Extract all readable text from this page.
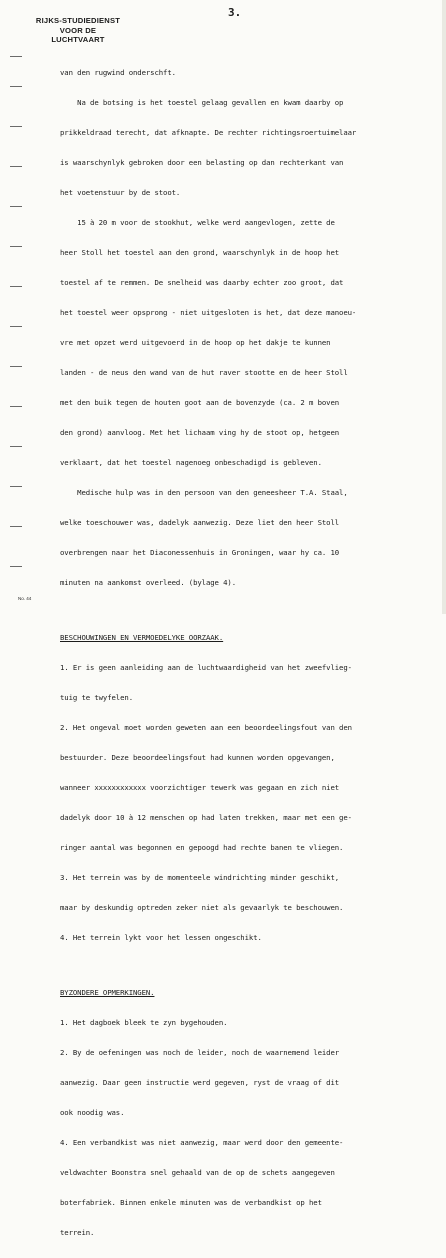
RIJKS-STUDIEDIENST
VOOR DE
LUCHTVAART
3.

van den rugwind onderschft.

Na de botsing is het toestel gelaag gevallen en kwam daarby op

prikkeldraad terecht, dat afknapte. De rechter richtingsroertuimelaar

is waarschynlyk gebroken door een belasting op dan rechterkant van

het voetenstuur by de stoot.

15 à 20 m voor de stookhut, welke werd aangevlogen, zette de

heer Stoll het toestel aan den grond, waarschynlyk in de hoop het

toestel af te remmen. De snelheid was daarby echter zoo groot, dat

het toestel weer opsprong - niet uitgesloten is het, dat deze manoeu-

vre met opzet werd uitgevoerd in de hoop op het dakje te kunnen

landen - de neus den wand van de hut raver stootte en de heer Stoll

met den buik tegen de houten goot aan de bovenzyde (ca. 2 m boven

den grond) aanvloog. Met het lichaam ving hy de stoot op, hetgeen

verklaart, dat het toestel nagenoeg onbeschadigd is gebleven.

Medische hulp was in den persoon van den geneesheer T.A. Staal,

welke toeschouwer was, dadelyk aanwezig. Deze liet den heer Stoll

overbrengen naar het Diaconessenhuis in Groningen, waar hy ca. 10

minuten na aankomst overleed. (bylage 4).

BESCHOUWINGEN EN VERMOEDELYKE OORZAAK.

1. Er is geen aanleiding aan de luchtwaardigheid van het zweefvlieg-

tuig te twyfelen.

2. Het ongeval moet worden geweten aan een beoordeelingsfout van den

bestuurder. Deze beoordeelingsfout had kunnen worden opgevangen,

wanneer xxxxxxxxxxxx voorzichtiger tewerk was gegaan en zich niet

dadelyk door 10 à 12 menschen op had laten trekken, maar met een ge-

ringer aantal was begonnen en gepoogd had rechte banen te vliegen.

3. Het terrein was by de momenteele windrichting minder geschikt,

maar by deskundig optreden zeker niet als gevaarlyk te beschouwen.

4. Het terrein lykt voor het lessen ongeschikt.

BYZONDERE OPMERKINGEN.

1. Het dagboek bleek te zyn bygehouden.

2. By de oefeningen was noch de leider, noch de waarnemend leider

aanwezig. Daar geen instructie werd gegeven, ryst de vraag of dit

ook noodig was.

4. Een verbandkist was niet aanwezig, maar werd door den gemeente-

veldwachter Boonstra snel gehaald van de op de schets aangegeven

boterfabriek. Binnen enkele minuten was de verbandkist op het

terrein.

No. 44
